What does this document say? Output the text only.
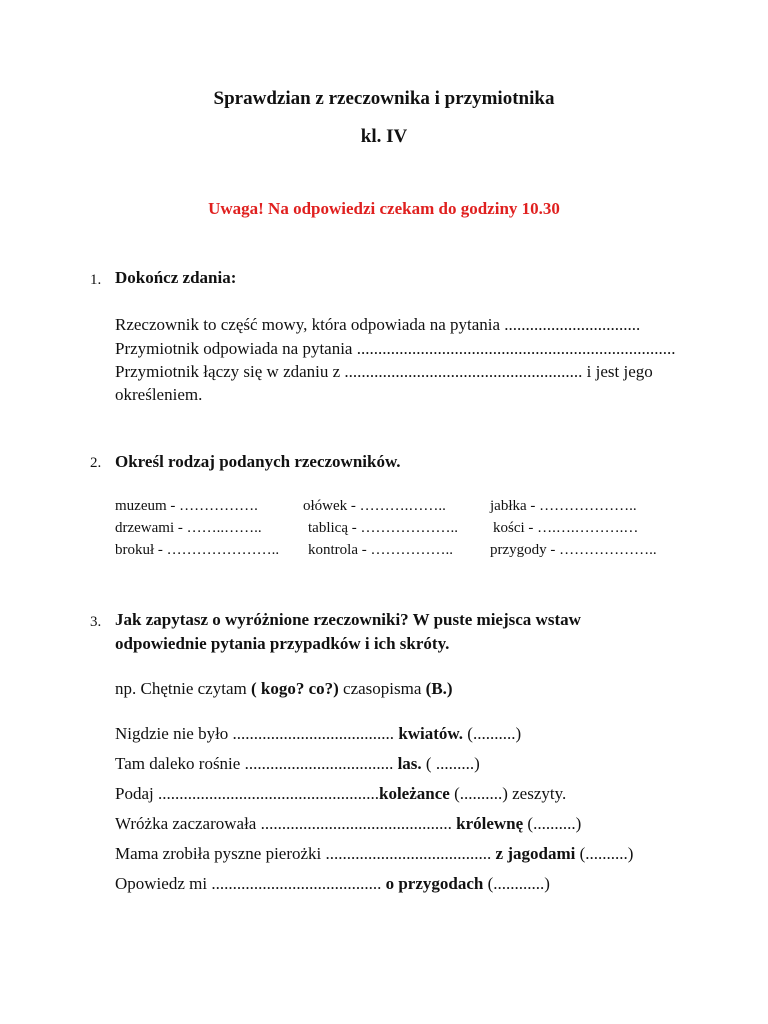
Sprawdzian z rzeczownika i przymiotnika
kl. IV
Uwaga! Na odpowiedzi czekam do godziny 10.30
1. Dokończ zdania:
Rzeczownik to część mowy, która odpowiada na pytania ................................
Przymiotnik odpowiada na pytania ...........................................................................
Przymiotnik łączy się w zdaniu z ........................................................ i jest jego
określeniem.
2. Określ rodzaj podanych rzeczowników.
muzeum - …………….	ołówek - ……….……..	jabłka - ………………..
drzewami - ……..……..	tablicą - ……………….. kości - ….….……….…
brokuł - ………………….. kontrola - …………….. przygody - ………………..
3. Jak zapytasz o wyróżnione rzeczowniki? W puste miejsca wstaw
odpowiednie pytania przypadków i ich skróty.
np. Chętnie czytam ( kogo? co?) czasopisma (B.)
Nigdzie nie było ...................................... kwiatów. (..........)
Tam daleko rośnie ................................... las. ( .........)
Podaj ....................................................koleżance (..........) zeszyty.
Wróżka zaczarowała ............................................. królewnę (..........)
Mama zrobiła pyszne pierożki ....................................... z jagodami (..........)
Opowiedz mi ........................................ o przygodach (............)
